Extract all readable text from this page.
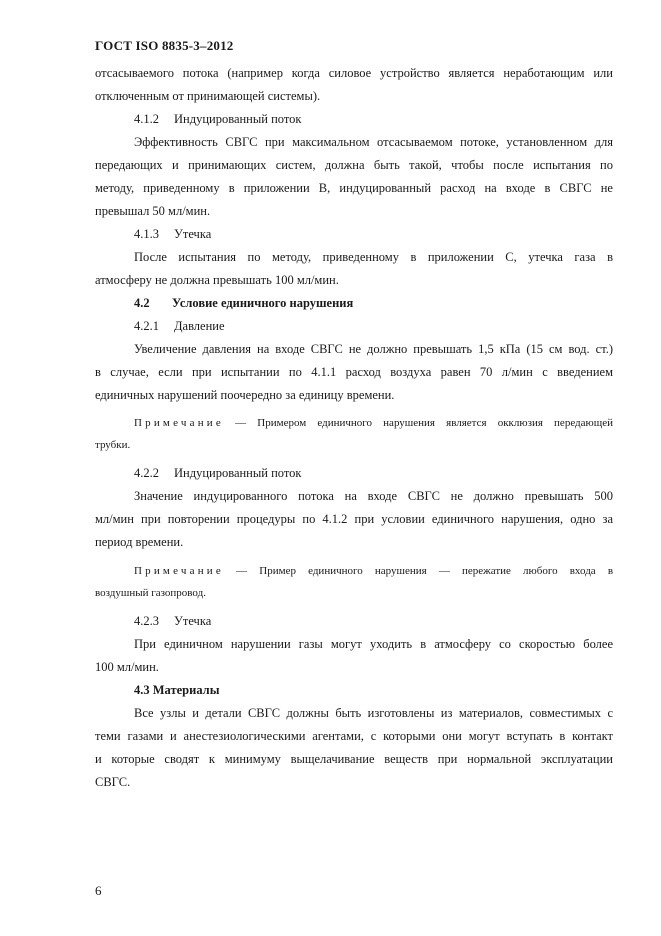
ГОСТ ISO 8835-3–2012
отсасываемого потока (например когда силовое устройство является неработающим или
отключенным от принимающей системы).
4.1.2 Индуцированный поток
Эффективность СВГС при максимальном отсасываемом потоке, установленном для
передающих и принимающих систем, должна быть такой, чтобы после испытания по
методу, приведенному в приложении В, индуцированный расход на входе в СВГС не
превышал 50 мл/мин.
4.1.3 Утечка
После испытания по методу, приведенному в приложении С, утечка газа в
атмосферу не должна превышать 100 мл/мин.
4.2 Условие единичного нарушения
4.2.1 Давление
Увеличение давления на входе СВГС не должно превышать 1,5 кПа (15 см вод. ст.)
в случае, если при испытании по 4.1.1 расход воздуха равен 70 л/мин с введением
единичных нарушений поочередно за единицу времени.
Примечание — Примером единичного нарушения является окклюзия передающей
трубки.
4.2.2 Индуцированный поток
Значение индуцированного потока на входе СВГС не должно превышать 500
мл/мин при повторении процедуры по 4.1.2 при условии единичного нарушения, одно за
период времени.
Примечание — Пример единичного нарушения — пережатие любого входа в
воздушный газопровод.
4.2.3 Утечка
При единичном нарушении газы могут уходить в атмосферу со скоростью более
100 мл/мин.
4.3 Материалы
Все узлы и детали СВГС должны быть изготовлены из материалов, совместимых с
теми газами и анестезиологическими агентами, с которыми они могут вступать в контакт
и которые сводят к минимуму выщелачивание веществ при нормальной эксплуатации
СВГС.
6
